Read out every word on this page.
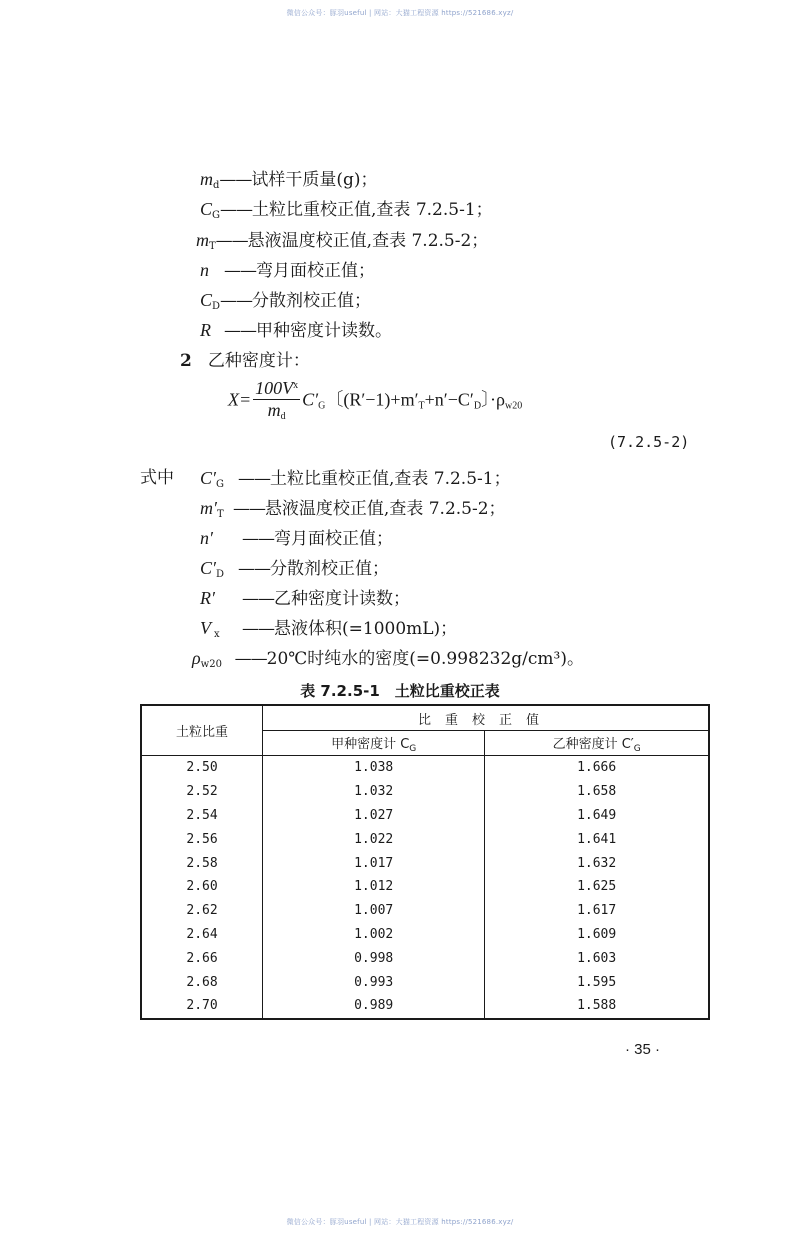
微信公众号：豚羽useful | 网站：大猫工程资源 https://521686.xyz/
$m_d——$试样干质量(g)；
$C_G——$土粒比重校正值,查表 7.2.5-1；
$m_T——$悬液温度校正值,查表 7.2.5-2；
n ——弯月面校正值；
$C_D——$分散剂校正值；
R ——甲种密度计读数。
2 乙种密度计：
$X= \frac{100V^x}{m_d} C'_G$〔$(R'-1)+m'_T+n'-C'_D$〕$\cdot\rho_{w20}$
(7.2.5-2)
式中 C′G ——土粒比重校正值,查表 7.2.5-1；
m′T ——悬液温度校正值,查表 7.2.5-2；
n′ ——弯月面校正值；
C′D ——分散剂校正值；
R′ ——乙种密度计读数；
V x ——悬液体积(=1000mL)；
ρw20 ——20℃时纯水的密度(=0.998232g/cm³)。
表 7.2.5-1　土粒比重校正表
土粒比重	比重校正值	
	甲种密度计 $C_G$	乙种密度计 $C'_G$
2.50	1.038	1.666
2.52	1.032	1.658
2.54	1.027	1.649
2.56	1.022	1.641
2.58	1.017	1.632
2.60	1.012	1.625
2.62	1.007	1.617
2.64	1.002	1.609
2.66	0.998	1.603
2.68	0.993	1.595
2.70	0.989	1.588
· 35 ·
微信公众号：豚羽useful | 网站：大猫工程资源 https://521686.xyz/
